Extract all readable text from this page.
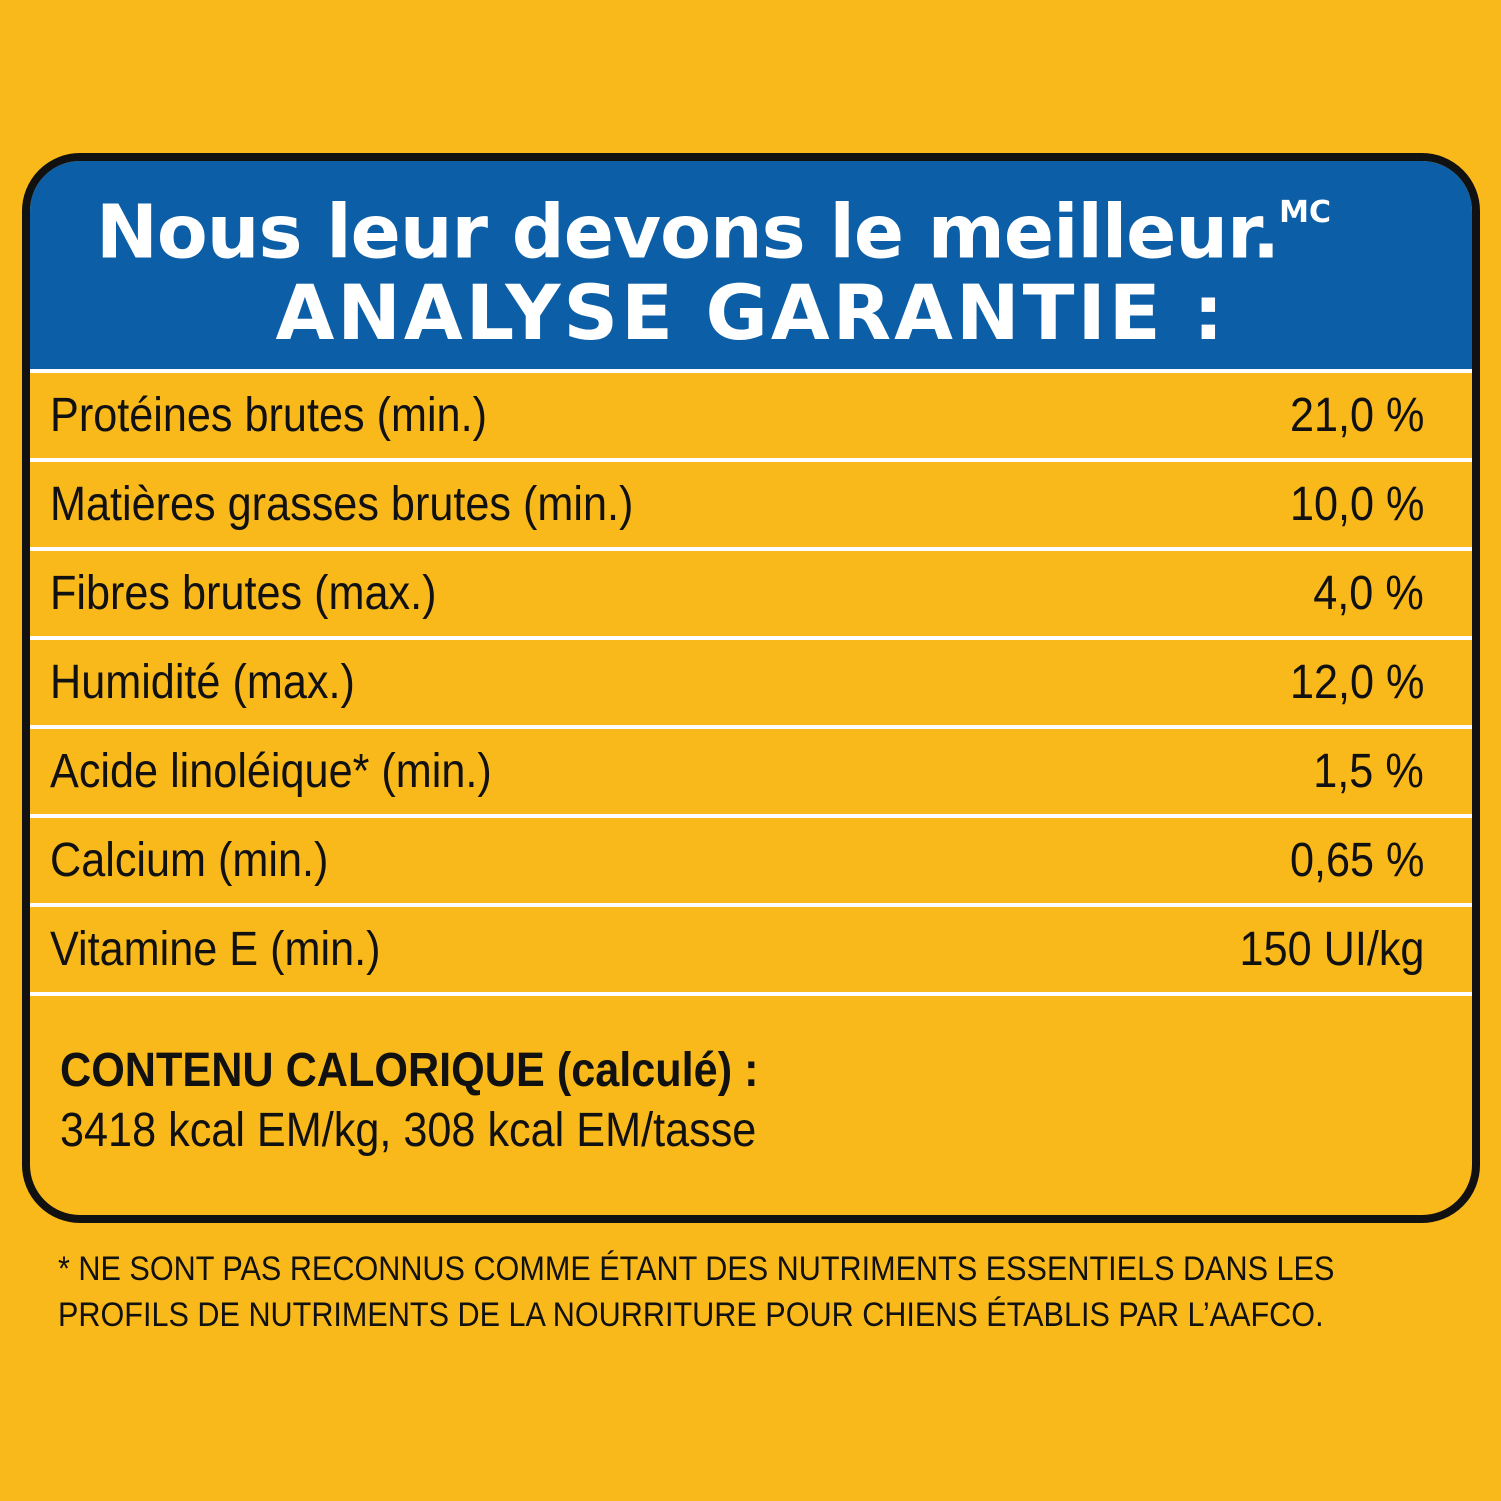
Nous leur devons le meilleur.$^{MC}$
ANALYSE GARANTIE :
Protéines brutes (min.)	21,0 %
Matières grasses brutes (min.)	10,0 %
Fibres brutes (max.)	4,0 %
Humidité (max.)	12,0 %
Acide linoléique* (min.)	1,5 %
Calcium (min.)	0,65 %
Vitamine E (min.)	150 UI/kg
CONTENU CALORIQUE (calculé) :
3418 kcal EM/kg, 308 kcal EM/tasse
* NE SONT PAS RECONNUS COMME ÉTANT DES NUTRIMENTS ESSENTIELS DANS LES
PROFILS DE NUTRIMENTS DE LA NOURRITURE POUR CHIENS ÉTABLIS PAR L’AAFCO.
